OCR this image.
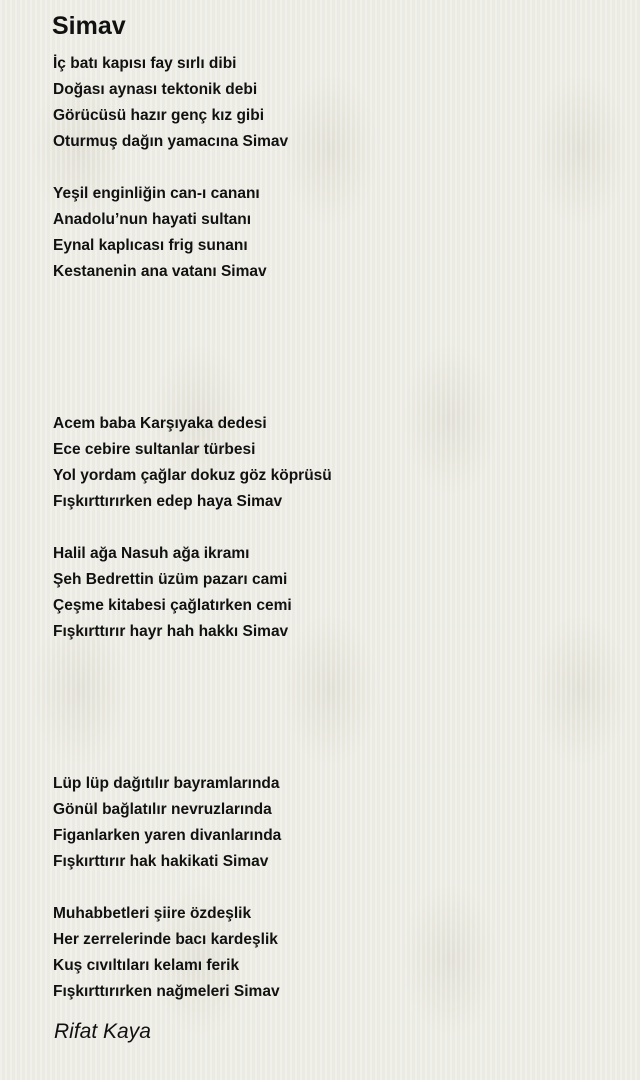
Simav
İç batı kapısı fay sırlı dibi
Doğası aynası tektonik debi
Görücüsü hazır genç kız gibi
Oturmuş dağın yamacına Simav
Yeşil enginliğin can-ı cananı
Anadolu’nun hayati sultanı
Eynal kaplıcası frig sunanı
Kestanenin ana vatanı Simav
Acem baba Karşıyaka dedesi
Ece cebire sultanlar türbesi
Yol yordam çağlar dokuz göz köprüsü
Fışkırttırırken edep haya Simav
Halil ağa Nasuh ağa ikramı
Şeh Bedrettin üzüm pazarı cami
Çeşme kitabesi çağlatırken cemi
Fışkırttırır hayr hah hakkı Simav
Lüp lüp dağıtılır bayramlarında
Gönül bağlatılır nevruzlarında
Figanlarken yaren divanlarında
Fışkırttırır hak hakikati Simav
Muhabbetleri şiire özdeşlik
Her zerrelerinde bacı kardeşlik
Kuş cıvıltıları kelamı ferik
Fışkırttırırken nağmeleri Simav

Rifat Kaya
